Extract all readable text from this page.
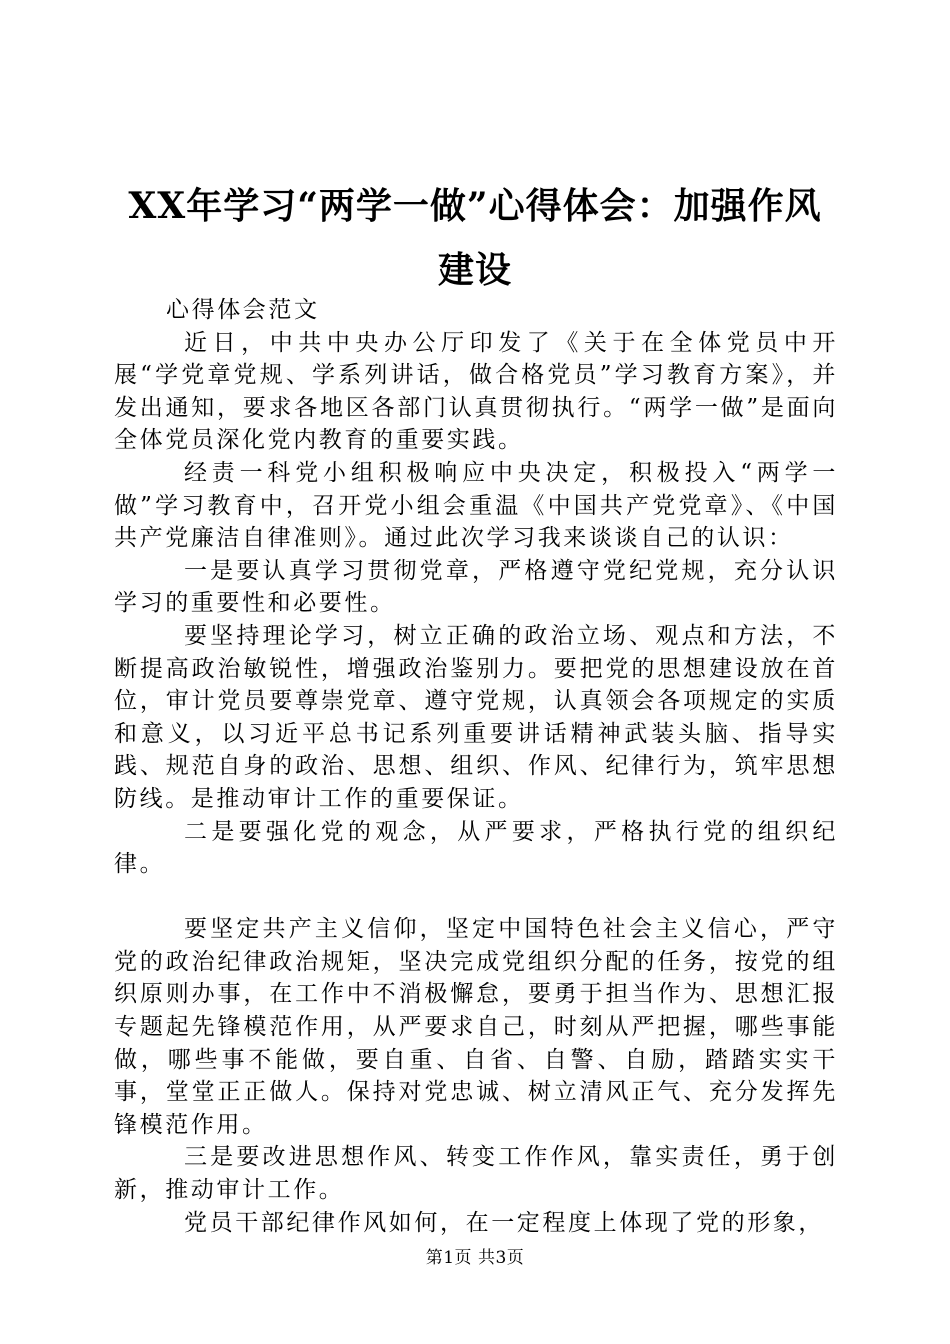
XX年学习“两学一做”心得体会：加强作风建设

心得体会范文

近日，中共中央办公厅印发了《关于在全体党员中开展“学党章党规、学系列讲话，做合格党员”学习教育方案》，并发出通知，要求各地区各部门认真贯彻执行。“两学一做”是面向全体党员深化党内教育的重要实践。

经责一科党小组积极响应中央决定，积极投入“两学一做”学习教育中，召开党小组会重温《中国共产党党章》、《中国共产党廉洁自律准则》。通过此次学习我来谈谈自己的认识：

一是要认真学习贯彻党章，严格遵守党纪党规，充分认识学习的重要性和必要性。

要坚持理论学习，树立正确的政治立场、观点和方法，不断提高政治敏锐性，增强政治鉴别力。要把党的思想建设放在首位，审计党员要尊崇党章、遵守党规，认真领会各项规定的实质和意义，以习近平总书记系列重要讲话精神武装头脑、指导实践、规范自身的政治、思想、组织、作风、纪律行为，筑牢思想防线。是推动审计工作的重要保证。

二是要强化党的观念，从严要求，严格执行党的组织纪律。

要坚定共产主义信仰，坚定中国特色社会主义信心，严守党的政治纪律政治规矩，坚决完成党组织分配的任务，按党的组织原则办事，在工作中不消极懈怠，要勇于担当作为、思想汇报专题起先锋模范作用，从严要求自己，时刻从严把握，哪些事能做，哪些事不能做，要自重、自省、自警、自励，踏踏实实干事，堂堂正正做人。保持对党忠诚、树立清风正气、充分发挥先锋模范作用。

三是要改进思想作风、转变工作作风，靠实责任，勇于创新，推动审计工作。

党员干部纪律作风如何，在一定程度上体现了党的形象，

第1页 共3页
